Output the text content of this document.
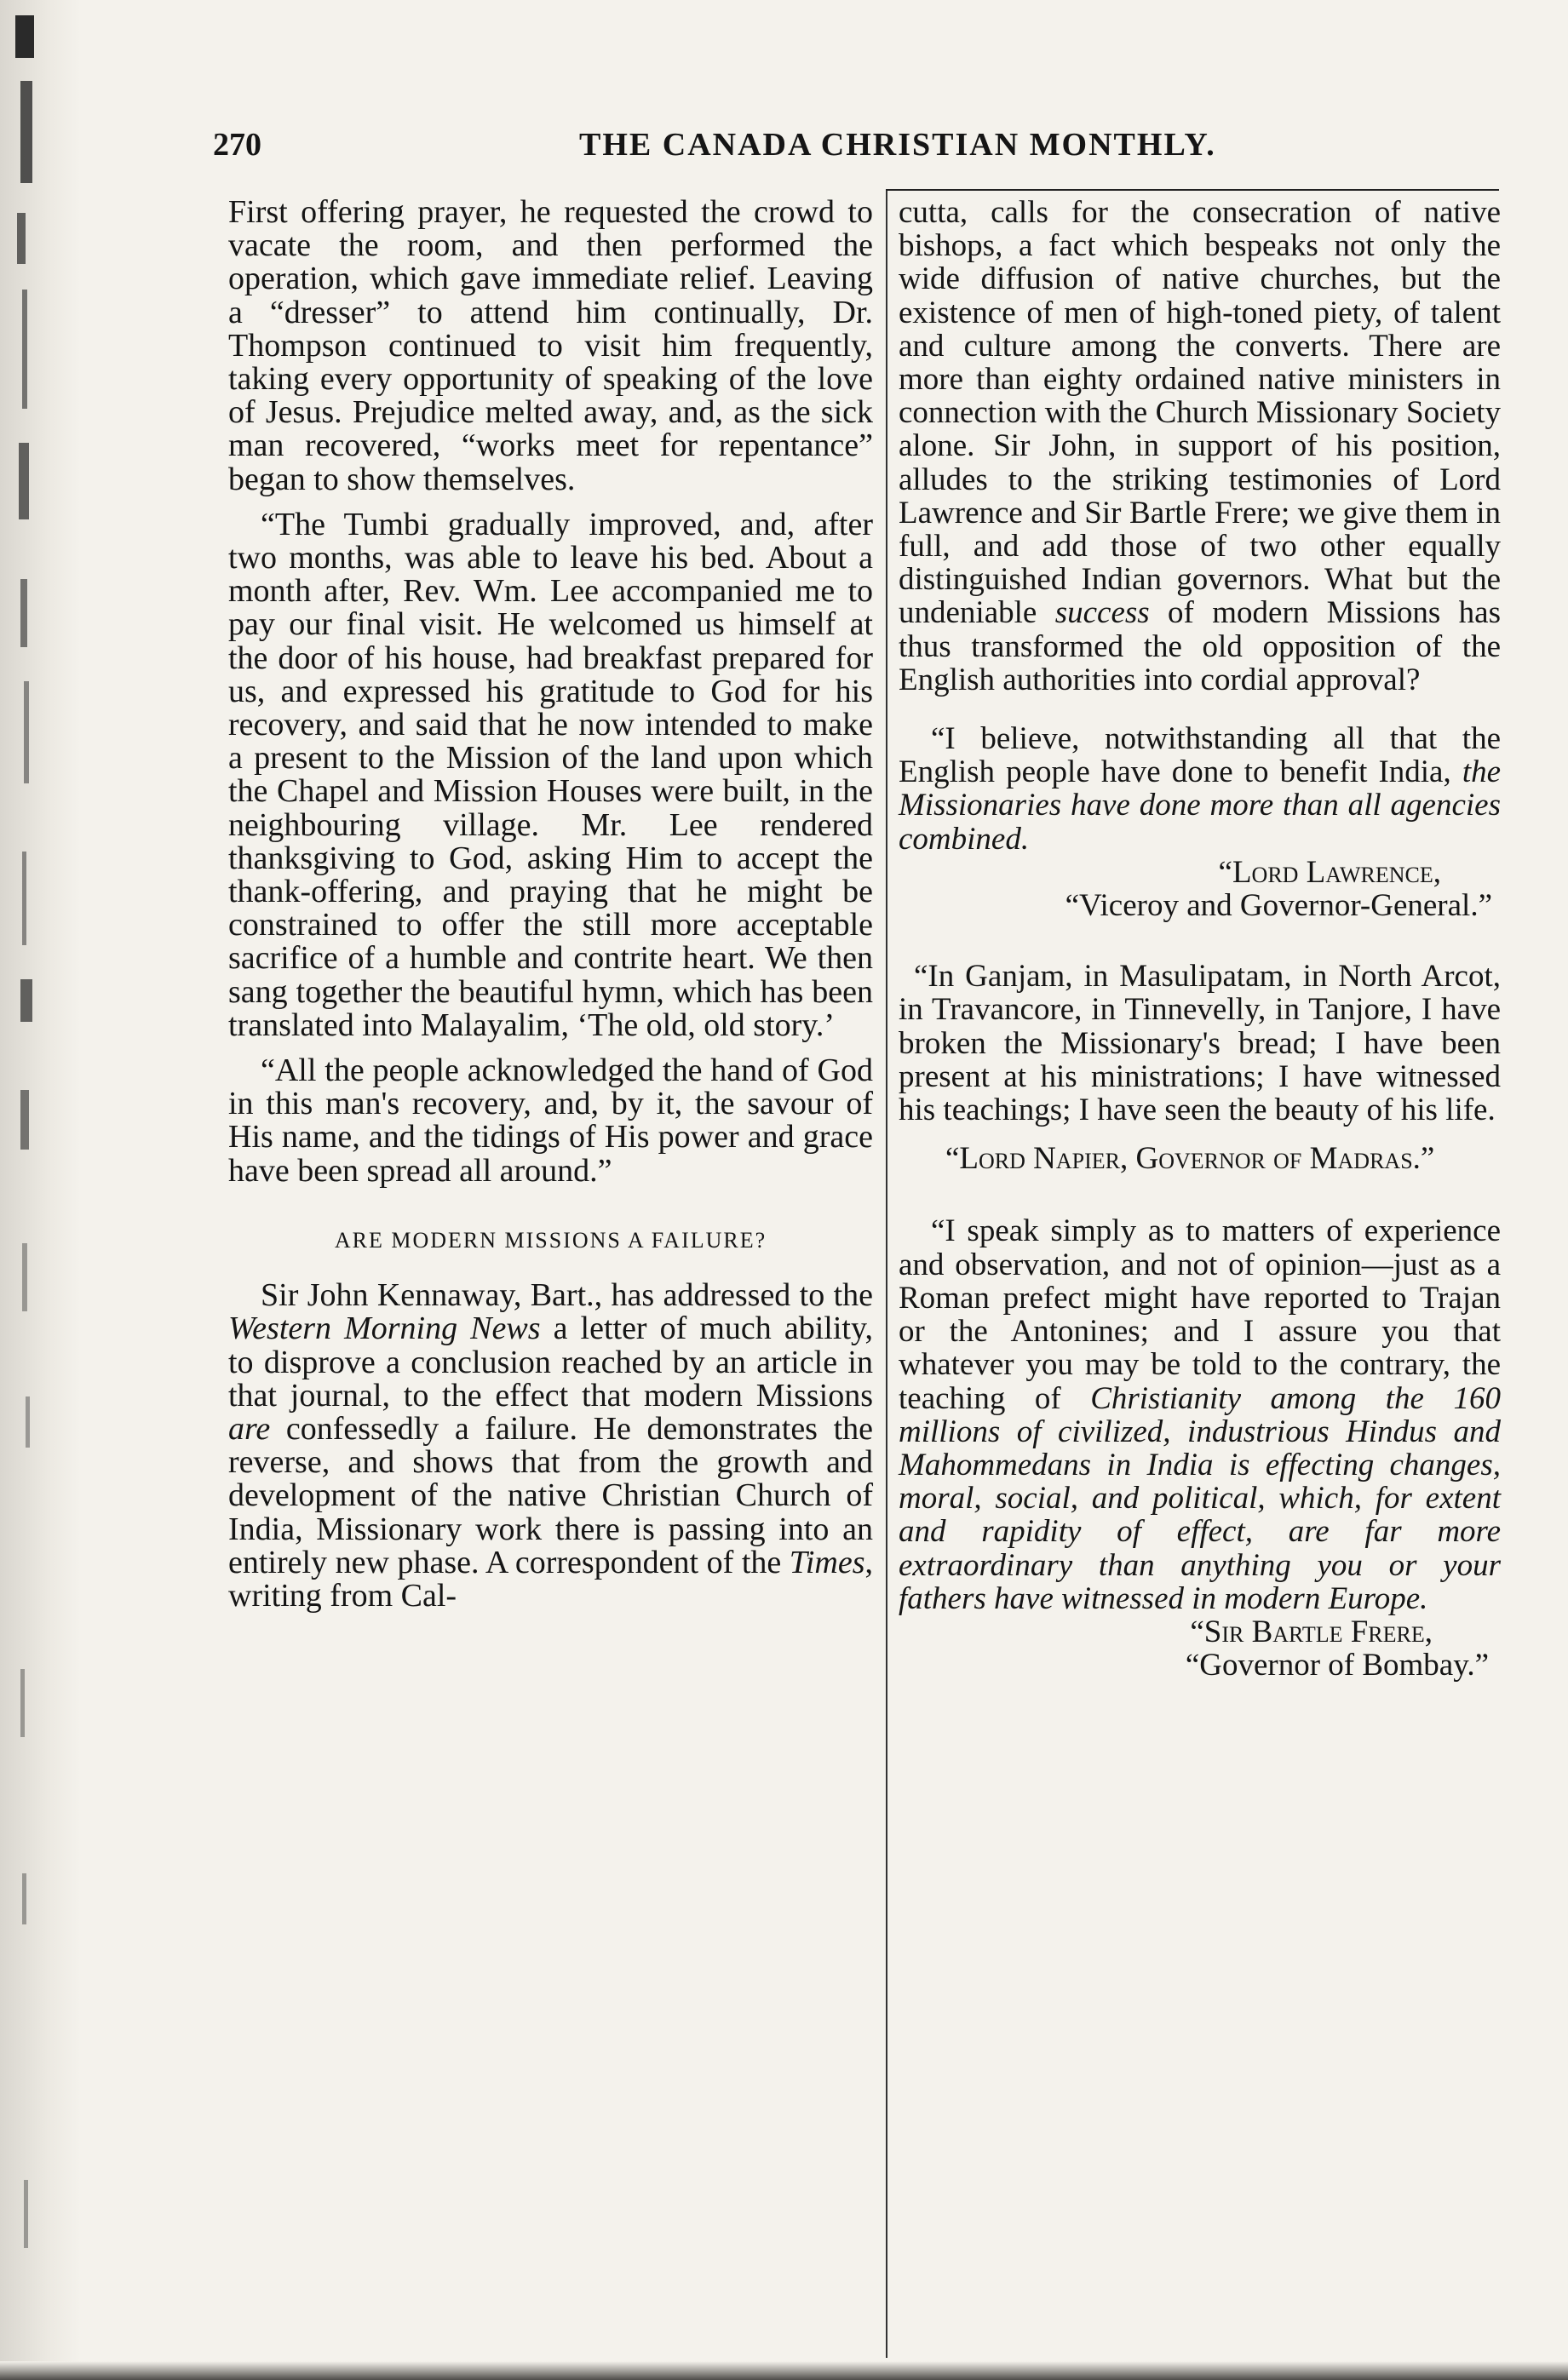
270	THE CANADA CHRISTIAN MONTHLY.

First offering prayer, he requested the crowd to vacate the room, and then performed the operation, which gave immediate relief. Leaving a “dresser” to attend him continually, Dr. Thompson continued to visit him frequently, taking every opportunity of speaking of the love of Jesus. Prejudice melted away, and, as the sick man recovered, “works meet for repentance” began to show themselves.

“The Tumbi gradually improved, and, after two months, was able to leave his bed. About a month after, Rev. Wm. Lee accompanied me to pay our final visit. He welcomed us himself at the door of his house, had breakfast prepared for us, and expressed his gratitude to God for his recovery, and said that he now intended to make a present to the Mission of the land upon which the Chapel and Mission Houses were built, in the neighbouring village. Mr. Lee rendered thanksgiving to God, asking Him to accept the thank-offering, and praying that he might be constrained to offer the still more acceptable sacrifice of a humble and contrite heart. We then sang together the beautiful hymn, which has been translated into Malayalim, ‘The old, old story.’

“All the people acknowledged the hand of God in this man's recovery, and, by it, the savour of His name, and the tidings of His power and grace have been spread all around.”

ARE MODERN MISSIONS A FAILURE?

Sir John Kennaway, Bart., has addressed to the Western Morning News a letter of much ability, to disprove a conclusion reached by an article in that journal, to the effect that modern Missions are confessedly a failure. He demonstrates the reverse, and shows that from the growth and development of the native Christian Church of India, Missionary work there is passing into an entirely new phase. A correspondent of the Times, writing from Cal-

cutta, calls for the consecration of native bishops, a fact which bespeaks not only the wide diffusion of native churches, but the existence of men of high-toned piety, of talent and culture among the converts. There are more than eighty ordained native ministers in connection with the Church Missionary Society alone. Sir John, in support of his position, alludes to the striking testimonies of Lord Lawrence and Sir Bartle Frere; we give them in full, and add those of two other equally distinguished Indian governors. What but the undeniable success of modern Missions has thus transformed the old opposition of the English authorities into cordial approval?

“I believe, notwithstanding all that the English people have done to benefit India, the Missionaries have done more than all agencies combined.

“Lord Lawrence,

“Viceroy and Governor-General.”

“In Ganjam, in Masulipatam, in North Arcot, in Travancore, in Tinnevelly, in Tanjore, I have broken the Missionary's bread; I have been present at his ministrations; I have witnessed his teachings; I have seen the beauty of his life.

“Lord Napier, Governor of Madras.”

“I speak simply as to matters of experience and observation, and not of opinion—just as a Roman prefect might have reported to Trajan or the Antonines; and I assure you that whatever you may be told to the contrary, the teaching of Christianity among the 160 millions of civilized, industrious Hindus and Mahommedans in India is effecting changes, moral, social, and political, which, for extent and rapidity of effect, are far more extraordinary than anything you or your fathers have witnessed in modern Europe.

“Sir Bartle Frere,

“Governor of Bombay.”
